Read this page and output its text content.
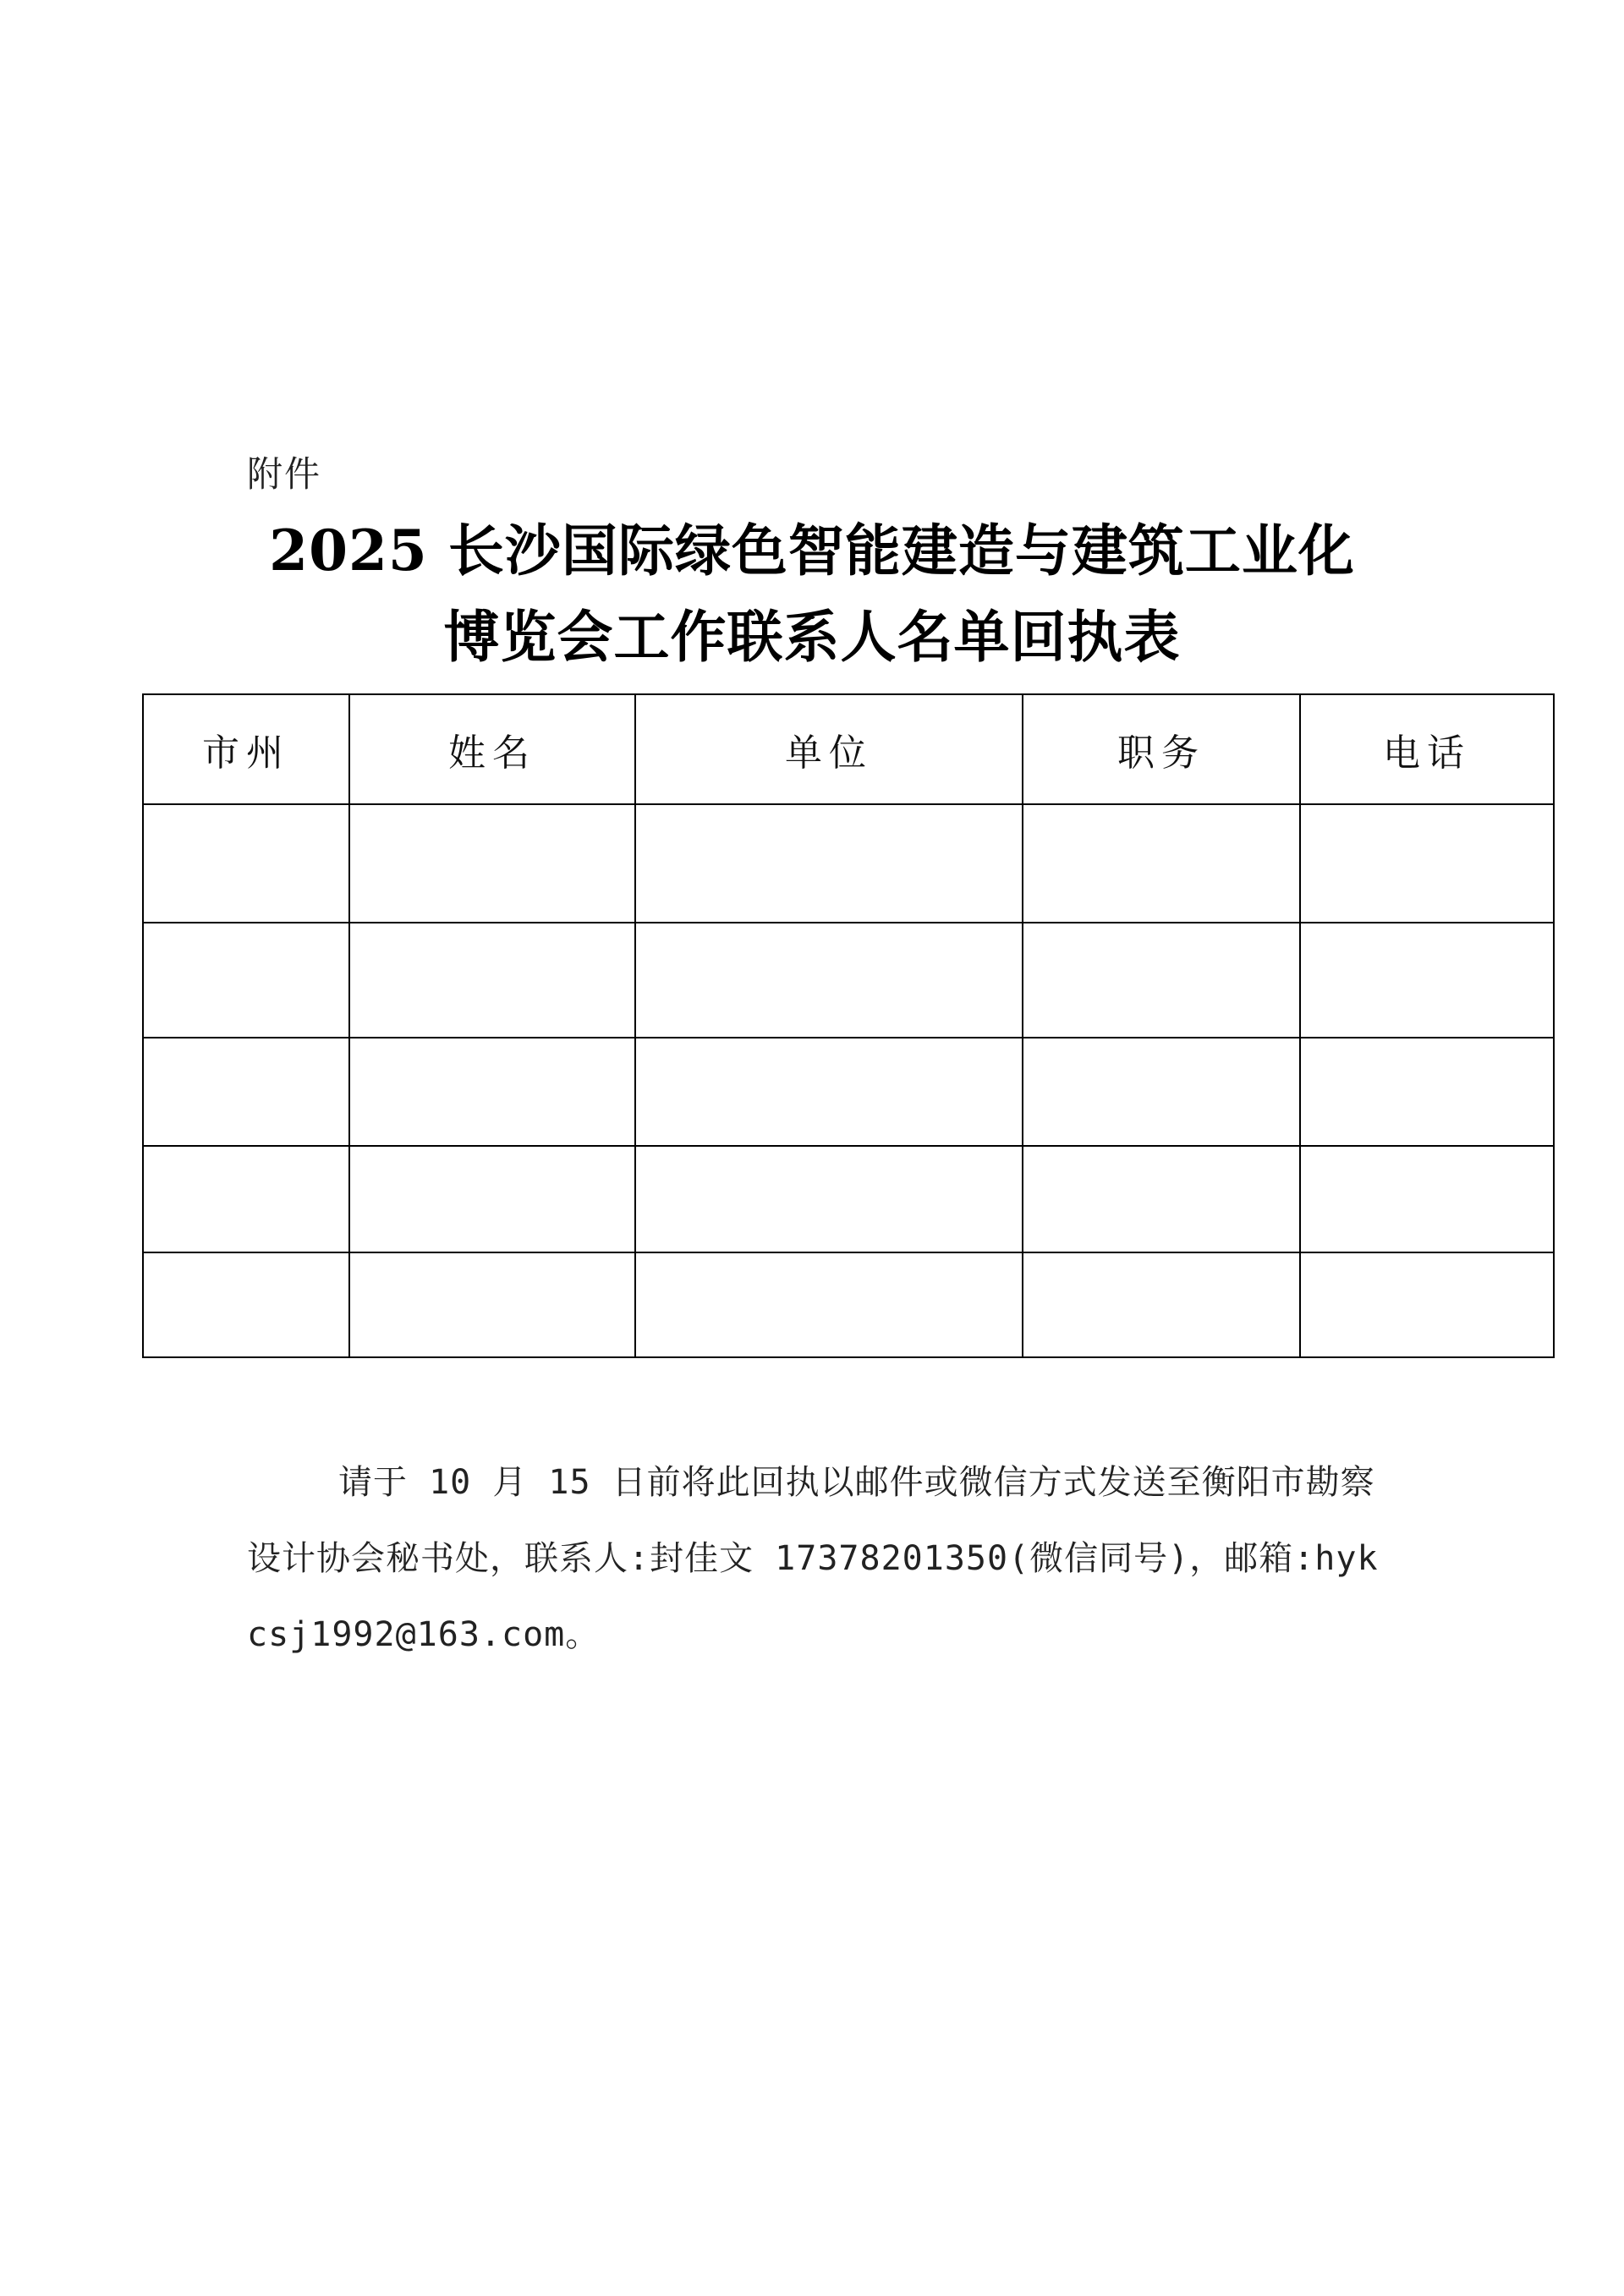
附件
2025 长沙国际绿色智能建造与建筑工业化
博览会工作联系人名单回执表
市州	姓名	单位	职务	电话

请于 10 月 15 日前将此回执以邮件或微信方式发送至衡阳市勘察设计协会秘书处，联系人:封佳文 17378201350(微信同号)，邮箱:hykcsj1992@163.com。
